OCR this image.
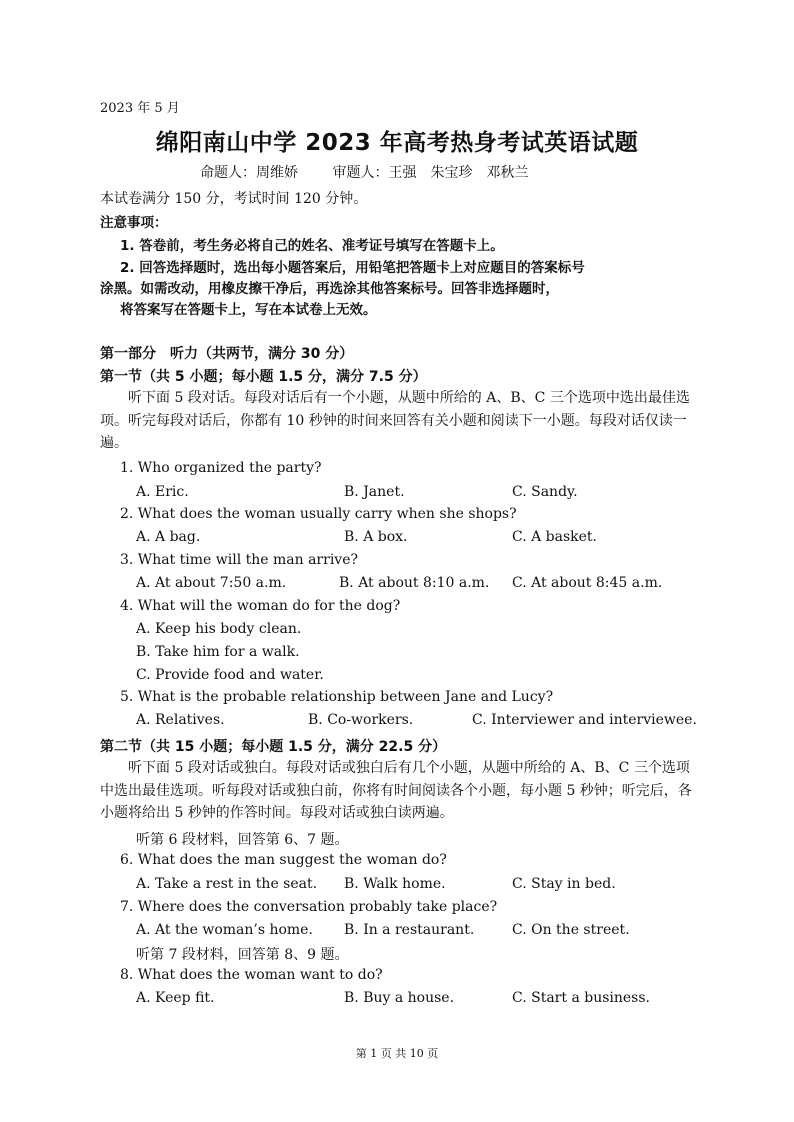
2023 年 5 月
绵阳南山中学 2023 年高考热身考试英语试题
命题人：周维娇 审题人：王强　朱宝珍　邓秋兰
本试卷满分 150 分，考试时间 120 分钟。
注意事项：
1. 答卷前，考生务必将自己的姓名、准考证号填写在答题卡上。
2. 回答选择题时，选出每小题答案后，用铅笔把答题卡上对应题目的答案标号
涂黑。如需改动，用橡皮擦干净后，再选涂其他答案标号。回答非选择题时，
将答案写在答题卡上，写在本试卷上无效。
第一部分　听力（共两节，满分 30 分）
第一节（共 5 小题；每小题 1.5 分，满分 7.5 分）
听下面 5 段对话。每段对话后有一个小题，从题中所给的 A、B、C 三个选项中选出最佳选项。听完每段对话后，你都有 10 秒钟的时间来回答有关小题和阅读下一小题。每段对话仅读一遍。
1. Who organized the party?
A. Eric.	B. Janet.	C. Sandy.
2. What does the woman usually carry when she shops?
A. A bag.	B. A box.	C. A basket.
3. What time will the man arrive?
A. At about 7:50 a.m.	B. At about 8:10 a.m. C. At about 8:45 a.m.
4. What will the woman do for the dog?
A. Keep his body clean.
B. Take him for a walk.
C. Provide food and water.
5. What is the probable relationship between Jane and Lucy?
A. Relatives.	B. Co-workers.	C. Interviewer and interviewee.
第二节（共 15 小题；每小题 1.5 分，满分 22.5 分）
听下面 5 段对话或独白。每段对话或独白后有几个小题，从题中所给的 A、B、C 三个选项中选出最佳选项。听每段对话或独白前，你将有时间阅读各个小题，每小题 5 秒钟；听完后，各小题将给出 5 秒钟的作答时间。每段对话或独白读两遍。
听第 6 段材料，回答第 6、7 题。
6. What does the man suggest the woman do?
A. Take a rest in the seat. B. Walk home.	C. Stay in bed.
7. Where does the conversation probably take place?
A. At the woman’s home. B. In a restaurant.	C. On the street.
听第 7 段材料，回答第 8、9 题。
8. What does the woman want to do?
A. Keep fit.	B. Buy a house.	C. Start a business.
第 1 页 共 10 页
